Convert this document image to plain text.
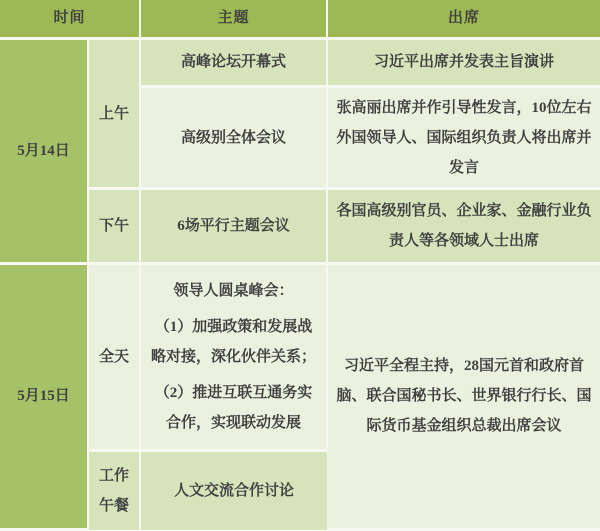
时间		主题	出席
5月14日	上午	高峰论坛开幕式	习近平出席并发表主旨演讲
		高级别全体会议	张高丽出席并作引导性发言，10位左右外国领导人、国际组织负责人将出席并发言
	下午	6场平行主题会议	各国高级别官员、企业家、金融行业负责人等各领域人士出席
5月15日	全天	领导人圆桌峰会：

（1）加强政策和发展战略对接，深化伙伴关系；

（2）推进互联互通务实合作，实现联动发展	习近平全程主持，28国元首和政府首脑、联合国秘书长、世界银行行长、国际货币基金组织总裁出席会议
	工作午餐	人文交流合作讨论	
